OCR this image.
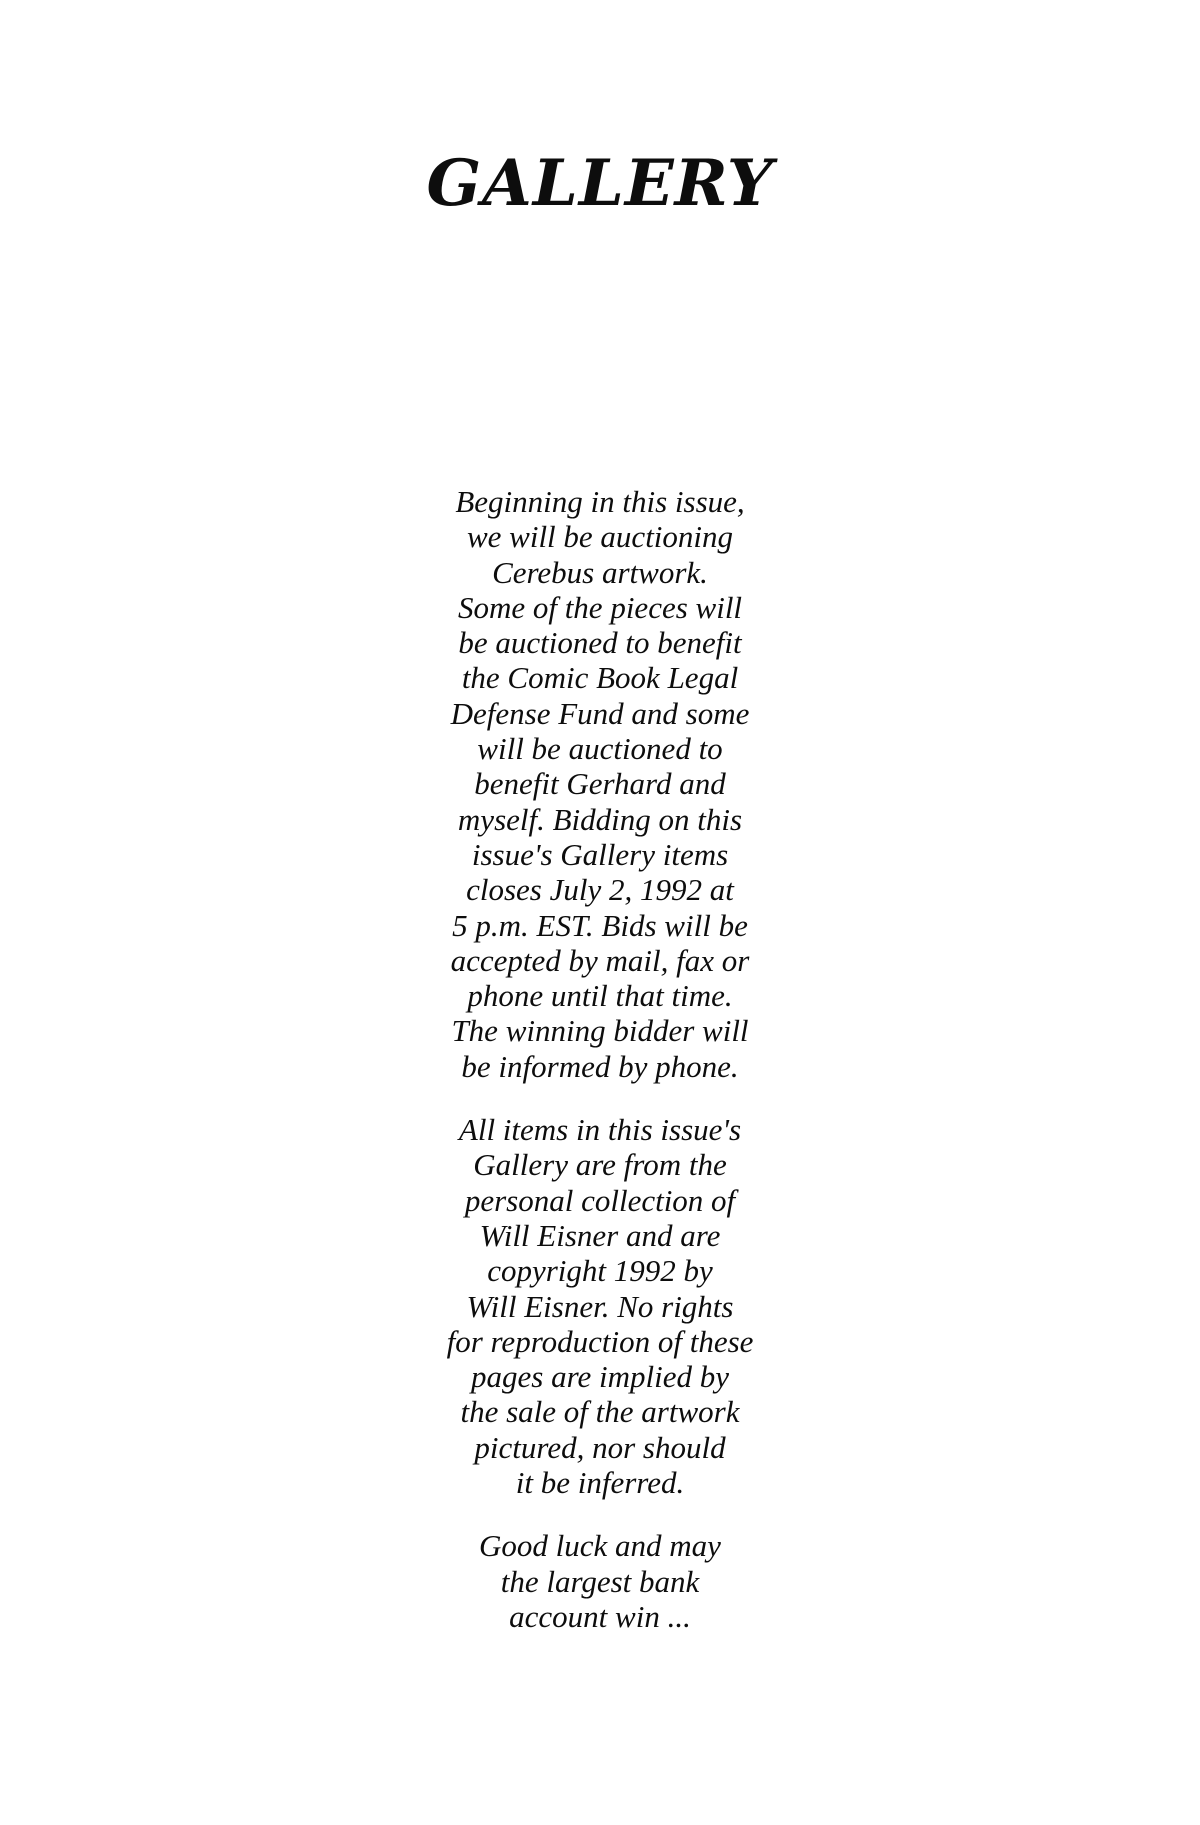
GALLERY

Beginning in this issue,
we will be auctioning
Cerebus artwork.
Some of the pieces will
be auctioned to benefit
the Comic Book Legal
Defense Fund and some
will be auctioned to
benefit Gerhard and
myself. Bidding on this
issue's Gallery items
closes July 2, 1992 at
5 p.m. EST. Bids will be
accepted by mail, fax or
phone until that time.
The winning bidder will
be informed by phone.

All items in this issue's
Gallery are from the
personal collection of
Will Eisner and are
copyright 1992 by
Will Eisner. No rights
for reproduction of these
pages are implied by
the sale of the artwork
pictured, nor should
it be inferred.

Good luck and may
the largest bank
account win ...
